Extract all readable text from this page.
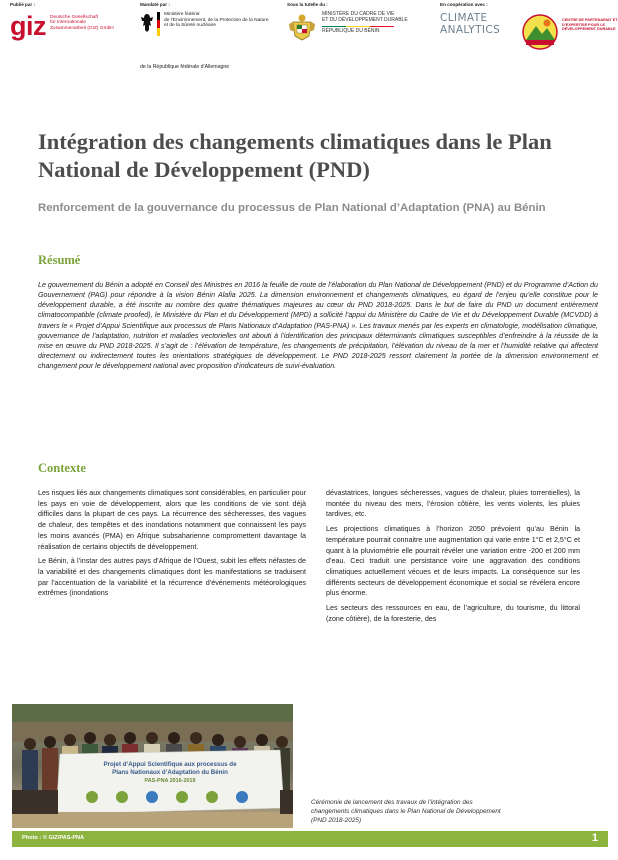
Publié par :
giz Deutsche Gesellschaft
für Internationale
Zusammenarbeit (GIZ) GmbH
Mandaté par :
Ministère fédéral
de l’Environnement, de la Protection de la Nature
et de la Sûreté nucléaire
de la République fédérale d’Allemagne
Sous la tutelle du :
MINISTÈRE DU CADRE DE VIE
ET DU DÉVELOPPEMENT DURABLE
RÉPUBLIQUE DU BÉNIN
En coopération avec :
CLIMATE
ANALYTICS
CENTRE DE PARTENARIAT ET
D’EXPERTISE POUR LE
DÉVELOPPEMENT DURABLE
Intégration des changements climatiques dans le Plan National de Développement (PND)
Renforcement de la gouvernance du processus de Plan National d’Adaptation (PNA) au Bénin
Résumé

Le gouvernement du Bénin a adopté en Conseil des Ministres en 2016 la feuille de route de l’élaboration du Plan National de Développement (PND) et du Programme d’Action du Gouvernement (PAG) pour répondre à la vision Bénin Alafia 2025. La dimension environnement et changements climatiques, eu égard de l’enjeu qu’elle constitue pour le développement durable, a été inscrite au nombre des quatre thématiques majeures au cœur du PND 2018-2025. Dans le but de faire du PND un document entièrement climatocompatible (climate proofed), le Ministère du Plan et du Développement (MPD) a sollicité l’appui du Ministère du Cadre de Vie et du Développement Durable (MCVDD) à travers le « Projet d’Appui Scientifique aux processus de Plans Nationaux d’Adaptation (PAS-PNA) ». Les travaux menés par les experts en climatologie, modélisation climatique, gouvernance de l’adaptation, nutrition et maladies vectorielles ont abouti à l’identification des principaux déterminants climatiques susceptibles d’enfreindre à la réussite de la mise en œuvre du PND 2018-2025. Il s’agit de : l’élévation de température, les changements de précipitation, l’élévation du niveau de la mer et l’humidité relative qui affectent directement ou indirectement toutes les orientations stratégiques de développement. Le PND 2018-2025 ressort clairement la portée de la dimension environnement et changement pour le développement national avec proposition d’indicateurs de suivi-évaluation.

Contexte

Les risques liés aux changements climatiques sont considérables, en particulier pour les pays en voie de développement, alors que les conditions de vie sont déjà difficiles dans la plupart de ces pays. La récurrence des sécheresses, des vagues de chaleur, des tempêtes et des inondations notamment que connaissent les pays les moins avancés (PMA) en Afrique subsaharienne compromettent davantage la réalisation de certains objectifs de développement.

Le Bénin, à l’instar des autres pays d’Afrique de l’Ouest, subit les effets néfastes de la variabilité et des changements climatiques dont les manifestations se traduisent par l’accentuation de la variabilité et la récurrence d’événements météorologiques extrêmes (inondations

dévastatrices, longues sécheresses, vagues de chaleur, pluies torrentielles), la montée du niveau des mers, l’érosion côtière, les vents violents, les pluies tardives, etc.

Les projections climatiques à l’horizon 2050 prévoient qu’au Bénin la température pourrait connaitre une augmentation qui varie entre 1°C et 2,5°C et quant à la pluviométrie elle pourrait révéler une variation entre -200 et 200 mm d’eau. Ceci traduit une persistance voire une aggravation des conditions climatiques actuellement vécues et de leurs impacts. La conséquence sur les différents secteurs de développement économique et social se révélera encore plus énorme.

Les secteurs des ressources en eau, de l’agriculture, du tourisme, du littoral (zone côtière), de la foresterie, des

Projet d’Appui Scientifique aux processus de
Plans Nationaux d’Adaptation du Bénin
PAS-PNA 2016-2019

Cérémonie de lancement des travaux de l’intégration des changements climatiques dans le Plan National de Développement (PND 2018-2025)

Photo : © GIZ/PAS-PNA	1
